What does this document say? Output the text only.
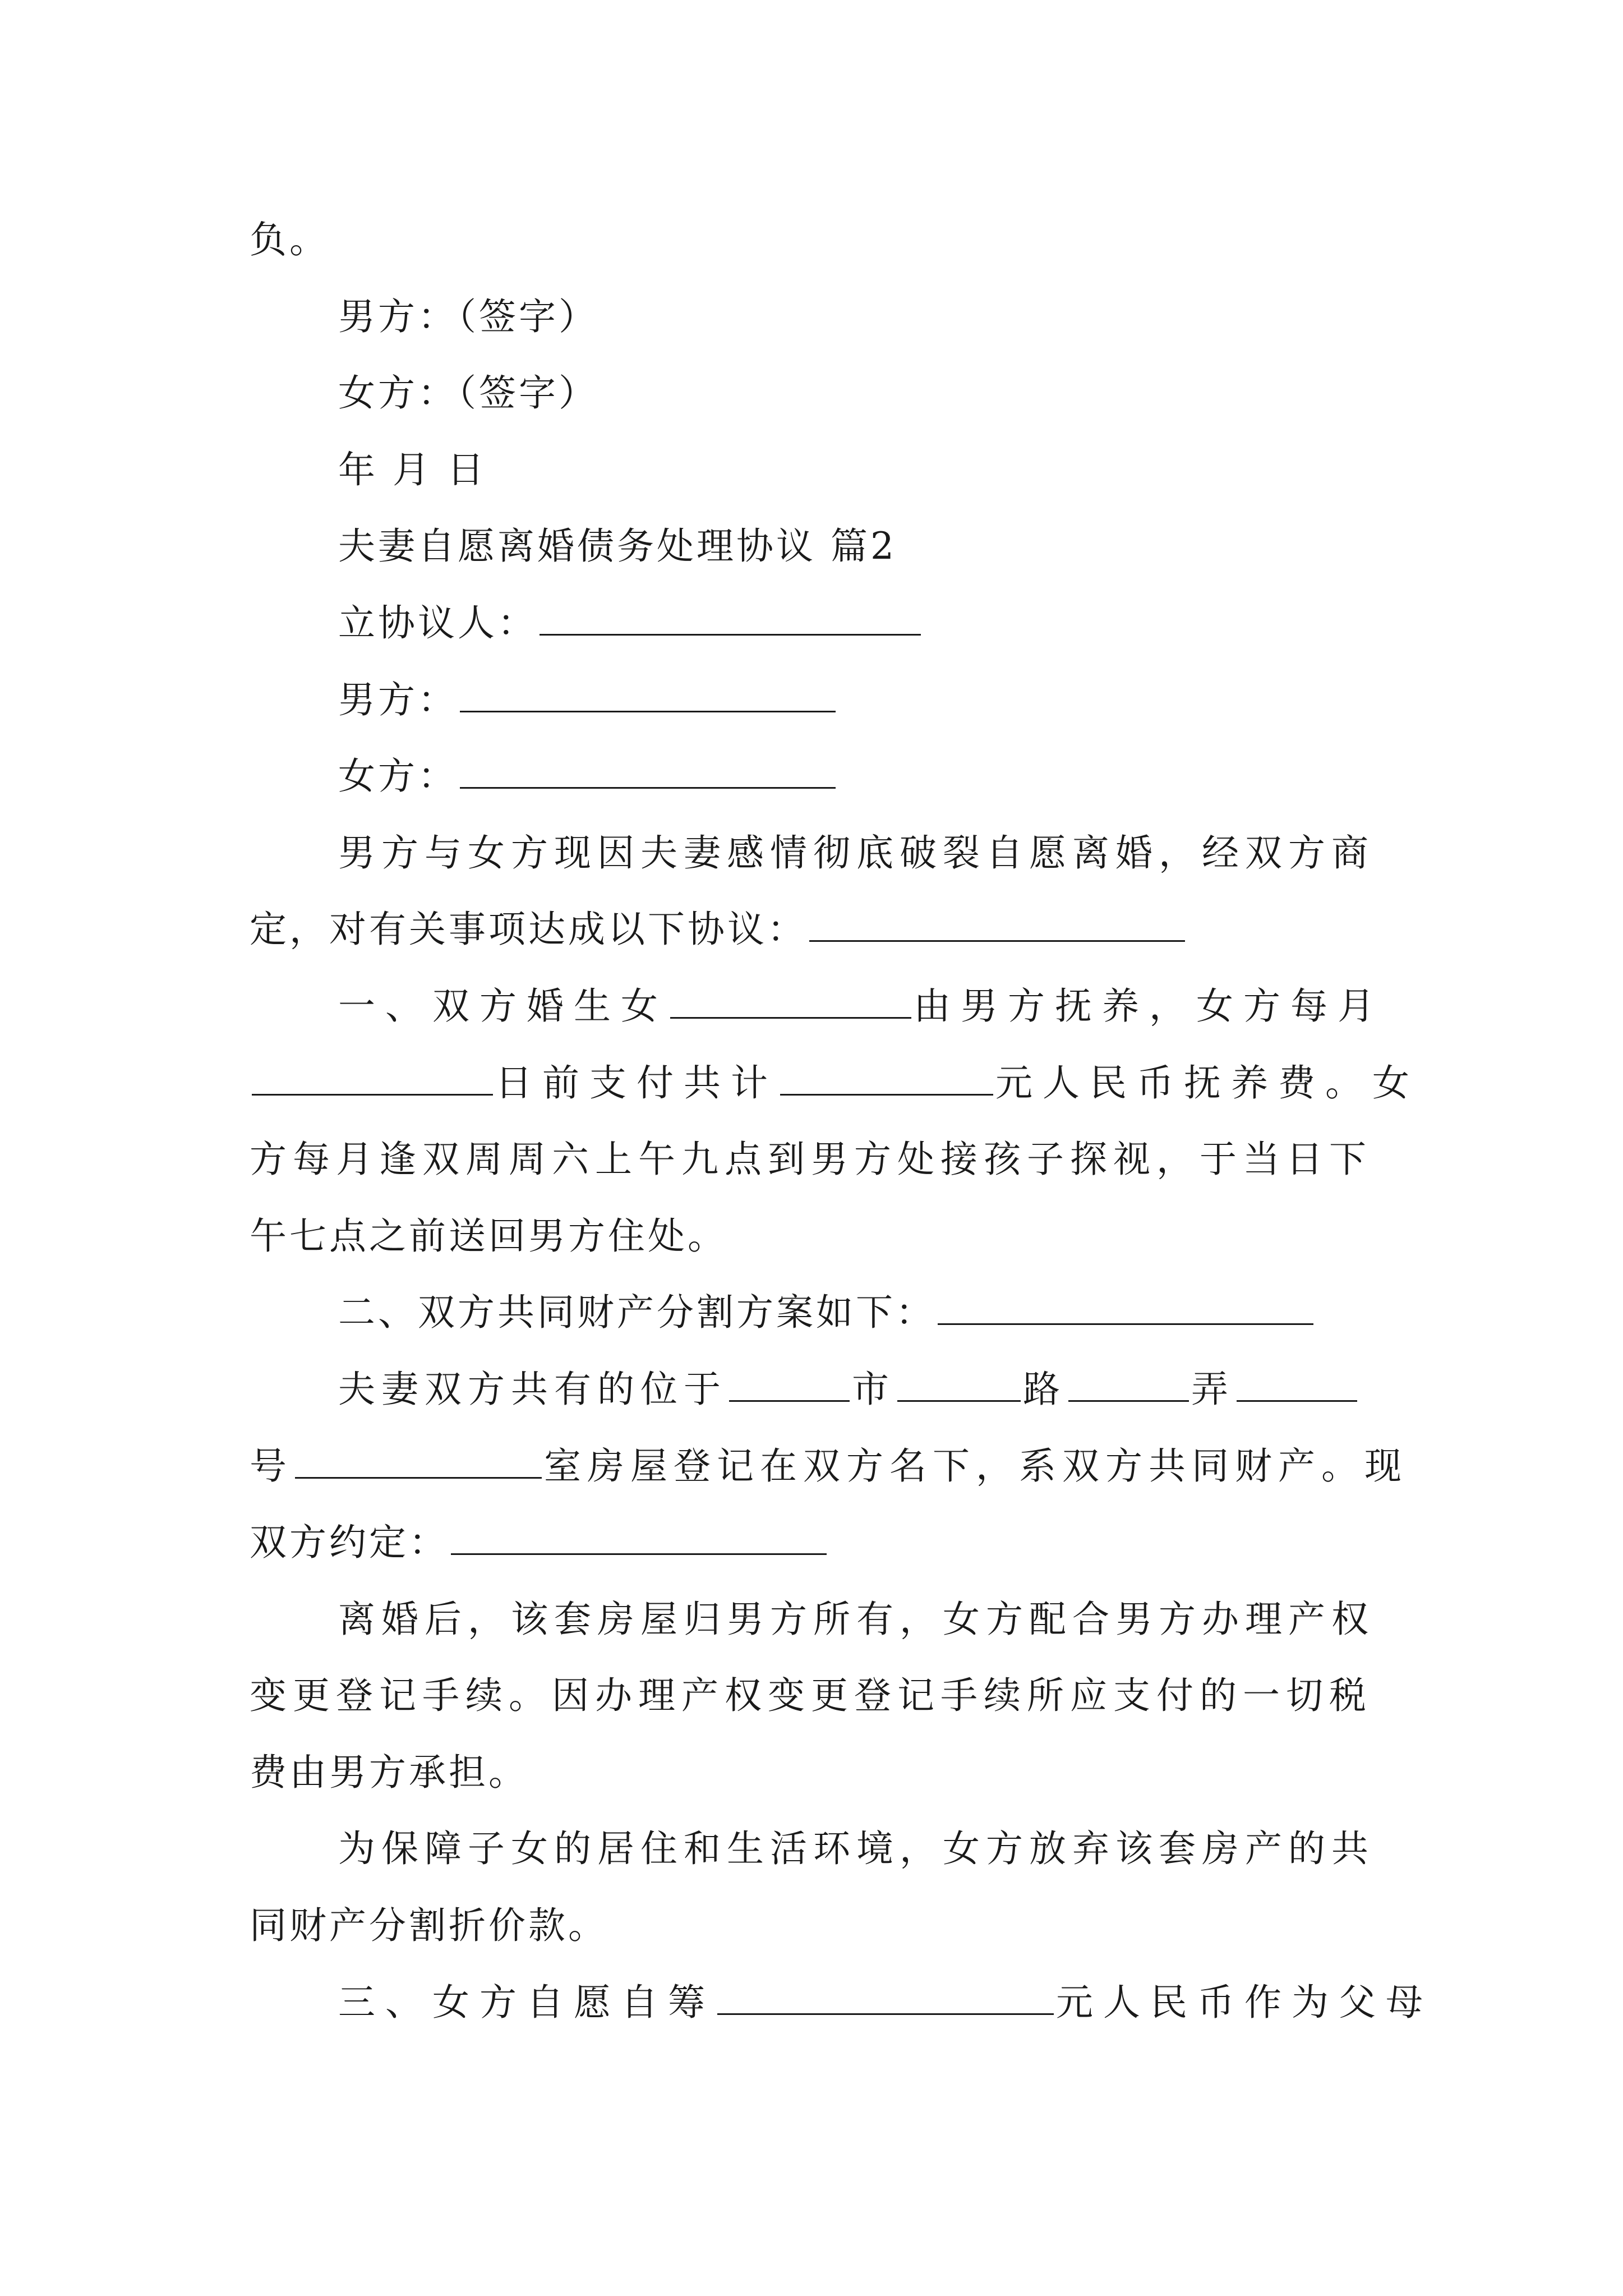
负。
男方：（签字）
女方：（签字）
年 月 日
夫妻自愿离婚债务处理协议 篇2
立协议人：
男方：
女方：
男方与女方现因夫妻感情彻底破裂自愿离婚，经双方商
定，对有关事项达成以下协议：
一、双方婚生女	由男方抚养，女方每月
日前支付共计	元人民币抚养费。女
方每月逢双周周六上午九点到男方处接孩子探视，于当日下
午七点之前送回男方住处。
二、双方共同财产分割方案如下：
夫妻双方共有的位于	市	路	弄
号	室房屋登记在双方名下，系双方共同财产。现
双方约定：
离婚后，该套房屋归男方所有，女方配合男方办理产权
变更登记手续。因办理产权变更登记手续所应支付的一切税
费由男方承担。
为保障子女的居住和生活环境，女方放弃该套房产的共
同财产分割折价款。
三、女方自愿自筹	元人民币作为父母
